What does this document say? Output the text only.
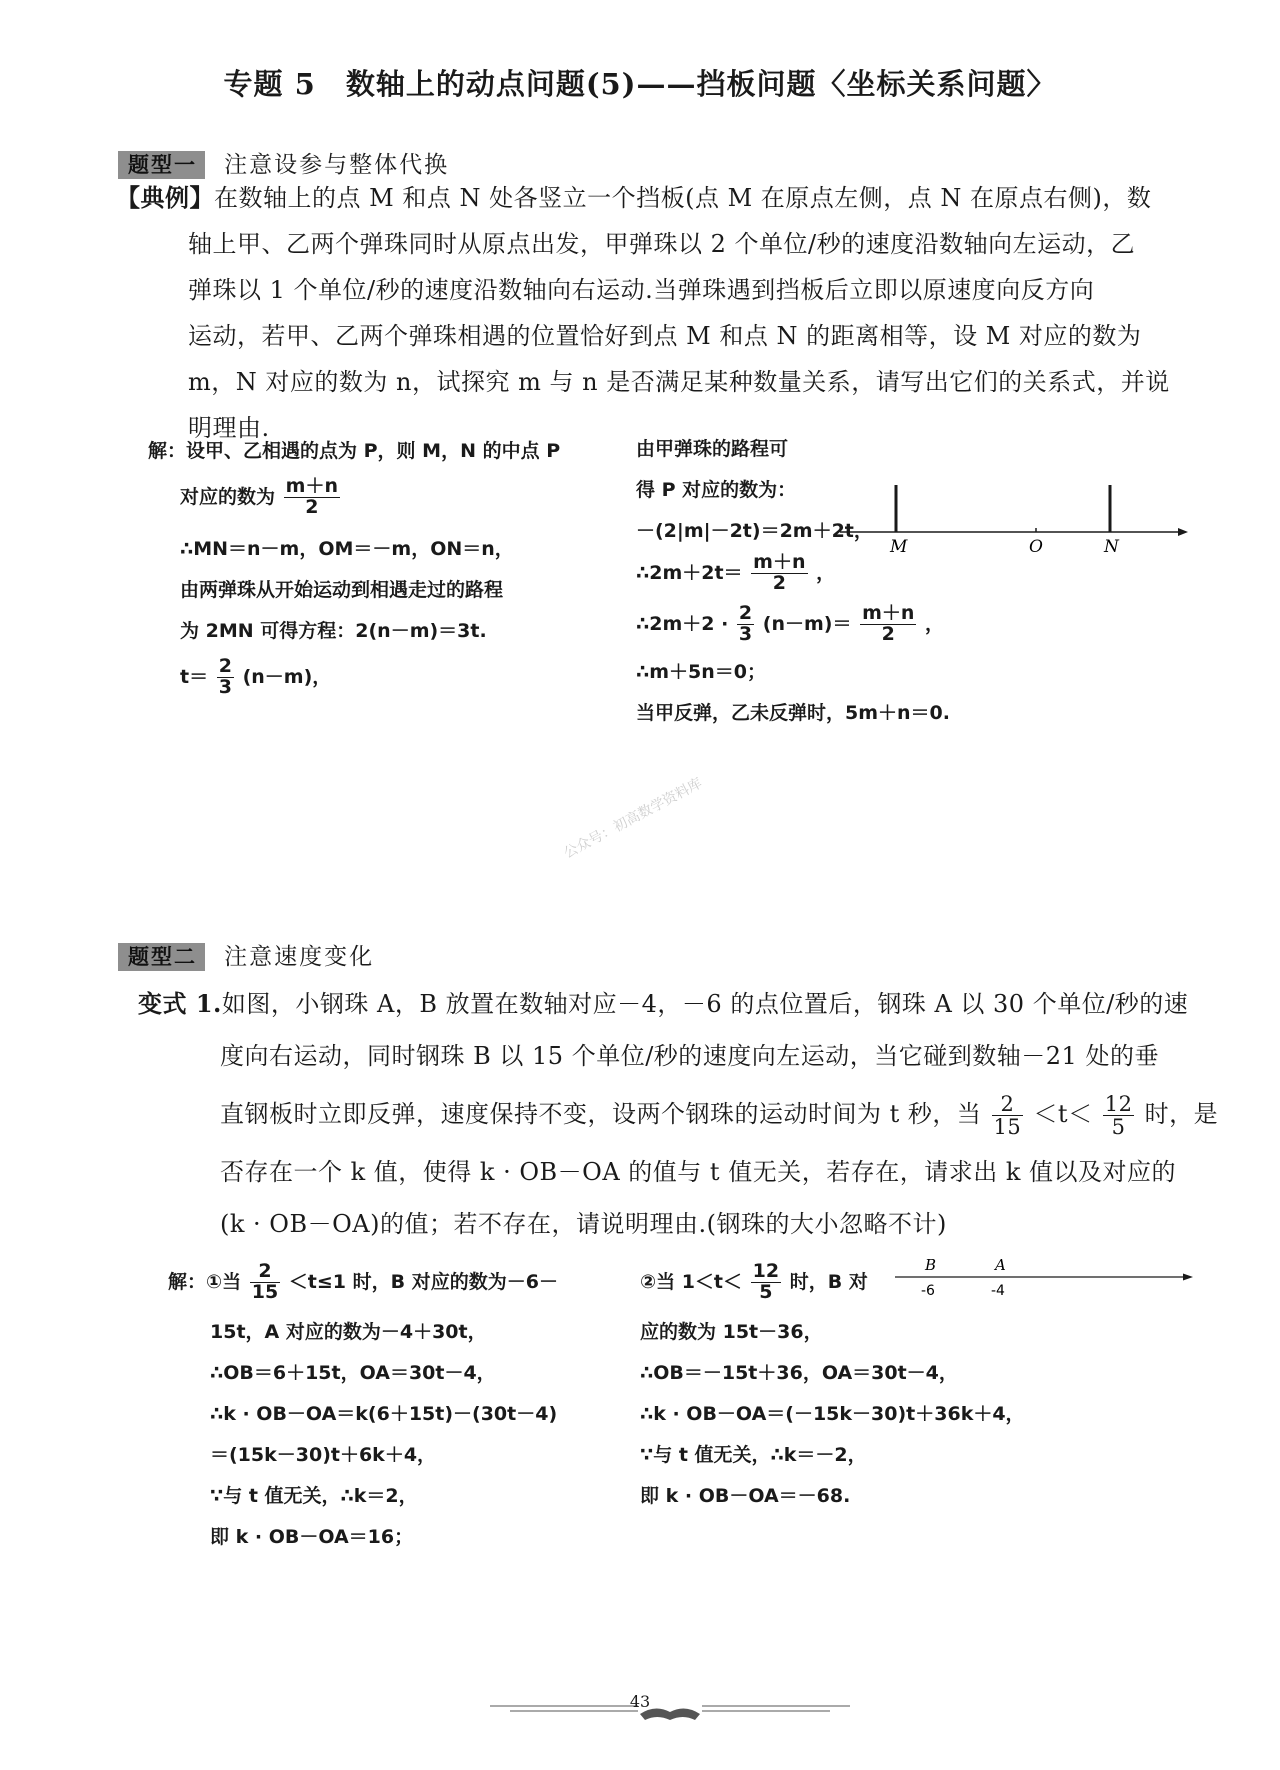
专题 5　数轴上的动点问题(5)——挡板问题〈坐标关系问题〉
题型一 注意设参与整体代换
【典例】在数轴上的点 M 和点 N 处各竖立一个挡板(点 M 在原点左侧，点 N 在原点右侧)，数
轴上甲、乙两个弹珠同时从原点出发，甲弹珠以 2 个单位/秒的速度沿数轴向左运动，乙
弹珠以 1 个单位/秒的速度沿数轴向右运动.当弹珠遇到挡板后立即以原速度向反方向
运动，若甲、乙两个弹珠相遇的位置恰好到点 M 和点 N 的距离相等，设 M 对应的数为
m，N 对应的数为 n，试探究 m 与 n 是否满足某种数量关系，请写出它们的关系式，并说
明理由.
解：设甲、乙相遇的点为 P，则 M，N 的中点 P
对应的数为 $\frac{m+n}{2}$
∴MN＝n－m，OM＝－m，ON＝n，
由两弹珠从开始运动到相遇走过的路程
为 2MN 可得方程：2(n－m)＝3t.
$t= \frac{2}{3} (n-m)$，
由甲弹珠的路程可
得 P 对应的数为：
－(2|m|－2t)＝2m＋2t，
∴2m＋2t＝ $\frac{m+n}{2}$ ，
∴2m＋2 · $\frac{2}{3} (n-m)= \frac{m+n}{2}$ ，
∴m＋5n＝0；
当甲反弹，乙未反弹时，5m＋n＝0.
M	O	N
公众号：初高数学资料库
题型二 注意速度变化
变式 1.如图，小钢珠 A，B 放置在数轴对应－4，－6 的点位置后，钢珠 A 以 30 个单位/秒的速
度向右运动，同时钢珠 B 以 15 个单位/秒的速度向左运动，当它碰到数轴－21 处的垂
直钢板时立即反弹，速度保持不变，设两个钢珠的运动时间为 t 秒，当 $\frac{2}{15} <t< \frac{12}{5}$ 时，是
否存在一个 k 值，使得 k · OB－OA 的值与 t 值无关，若存在，请求出 k 值以及对应的
(k · OB－OA)的值；若不存在，请说明理由.(钢珠的大小忽略不计)
解：①当 $\frac{2}{15} <t\le 1$ 时，B 对应的数为－6－
15t，A 对应的数为－4＋30t，
∴OB＝6＋15t，OA＝30t－4，
∴k · OB－OA＝k(6＋15t)－(30t－4)
＝(15k－30)t＋6k＋4，
∵与 t 值无关，∴k＝2，
即 k · OB－OA＝16；
②当 $1<t< \frac{12}{5}$ 时，B 对
应的数为 15t－36，
∴OB＝－15t＋36，OA＝30t－4，
∴k · OB－OA＝(－15k－30)t＋36k＋4，
∵与 t 值无关，∴k＝－2，
即 k · OB－OA＝－68.
B	A
-6	-4
43
